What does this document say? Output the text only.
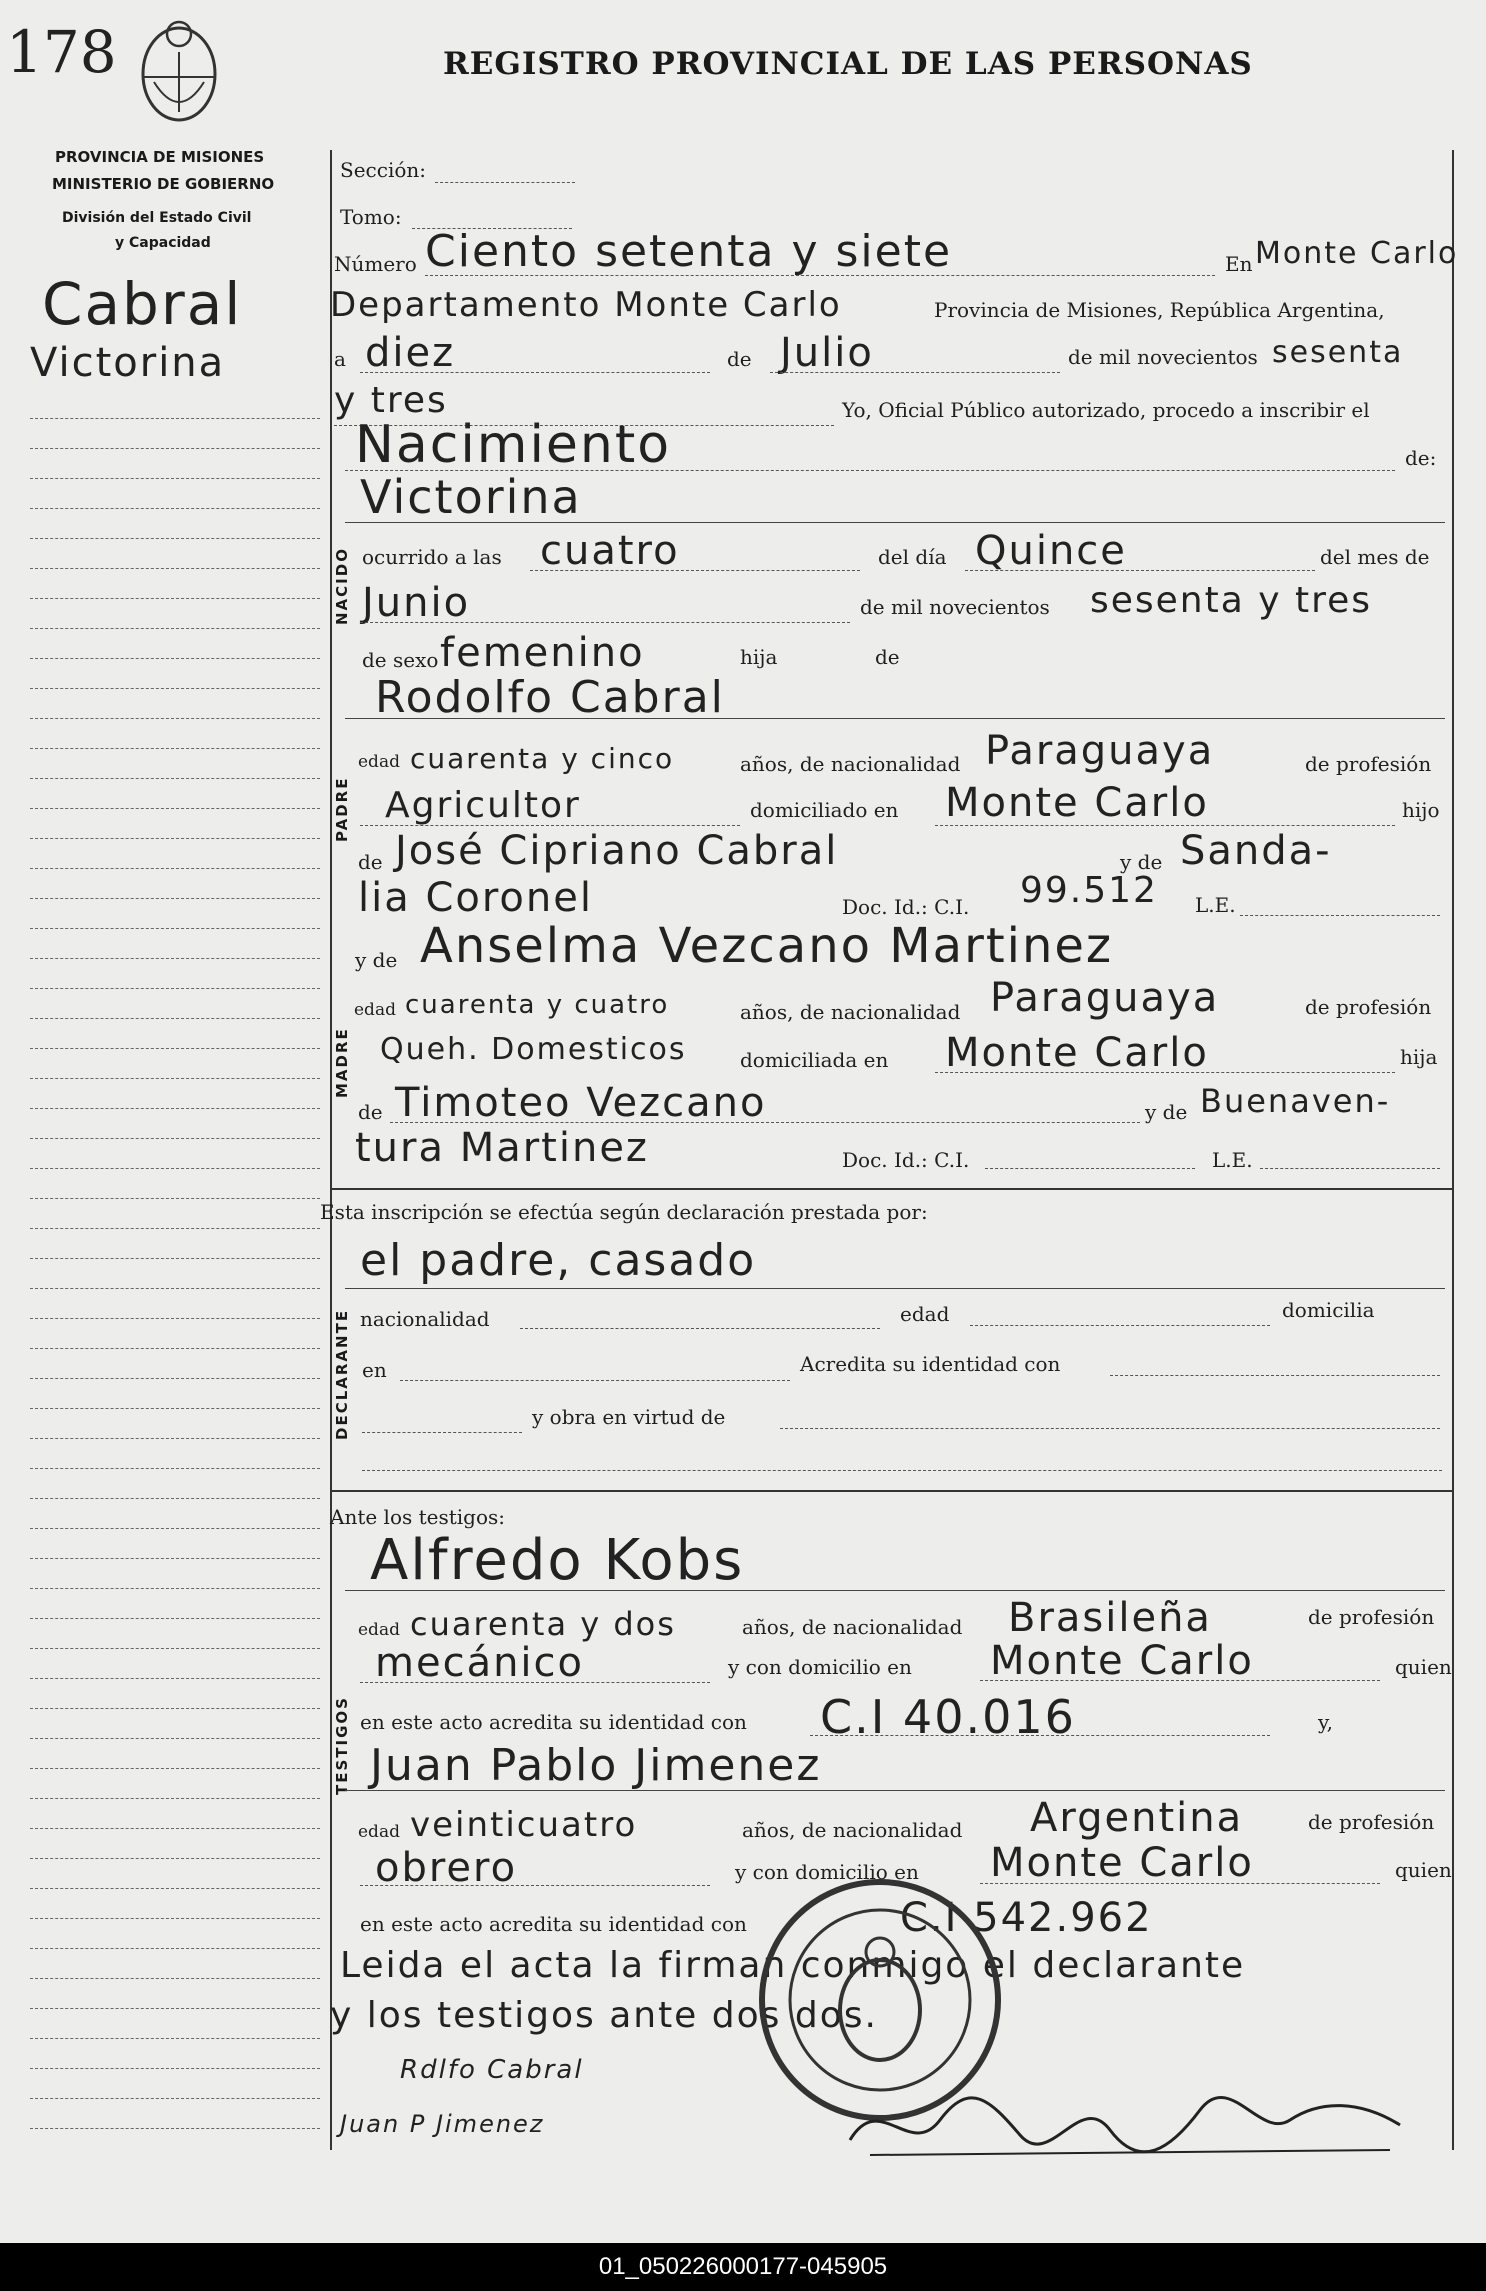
178	REGISTRO PROVINCIAL DE LAS PERSONAS
PROVINCIA DE MISIONES
MINISTERIO DE GOBIERNO
División del Estado Civil
y Capacidad
Cabral
Victorina
Sección:
Tomo:
Número Ciento setenta y siete	En Monte Carlo
Departamento Monte Carlo	Provincia de Misiones, República Argentina,
a diez	de Julio	de mil novecientos sesenta
y tres	Yo, Oficial Público autorizado, procedo a inscribir el
Nacimiento	de:
Victorina
NACIDO ocurrido a las cuatro	del día Quince	del mes de
Junio	de mil novecientos sesenta y tres
de sexo femenino	hija	de
Rodolfo Cabral
PADRE
edad cuarenta y cinco	años, de nacionalidad Paraguaya	de profesión
Agricultor	domiciliado en Monte Carlo	hijo
de José Cipriano Cabral	y de Sanda-
lia Coronel	Doc. Id.: C.I. 99.512 L.E.
y de Anselma Vezcano Martinez
MADRE
edad cuarenta y cuatro	años, de nacionalidad Paraguaya	de profesión
Queh. Domesticos	domiciliada en Monte Carlo	hija
de Timoteo Vezcano	y de Buenaven-
tura Martinez	Doc. Id.: C.I.	L.E.
Esta inscripción se efectúa según declaración prestada por:
el padre, casado
DECLARANTE nacionalidad	edad	domicilia
en	Acredita su identidad con
y obra en virtud de
Ante los testigos:
Alfredo Kobs
TESTIGOS
edad cuarenta y dos	años, de nacionalidad Brasileña	de profesión
mecánico	y con domicilio en Monte Carlo	quien
en este acto acredita su identidad con C.I 40.016	y,
Juan Pablo Jimenez
edad veinticuatro	años, de nacionalidad Argentina	de profesión
obrero	y con domicilio en Monte Carlo	quien
en este acto acredita su identidad con	C.I 542.962
Leida el acta la firman conmigo el declarante
y los testigos ante dos dos.
Rdlfo Cabral
Juan P Jimenez
01_050226000177-045905
